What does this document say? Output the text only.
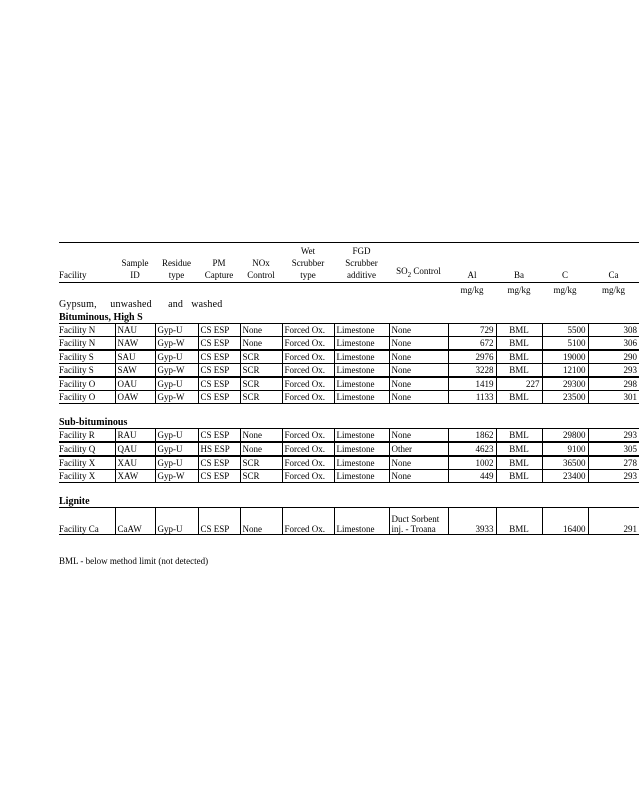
Facility	Sample ID	Residue type	PM Capture	NOx Control	Wet Scrubber type	FGD Scrubber additive	$SO_2$ Control	Al	Ba	C	Ca
								mg/kg	mg/kg	mg/kg	mg/kg
Gypsum,     unwashed      and   washed											
Bituminous, High S											
Facility N	NAU	Gyp-U	CS ESP	None	Forced Ox.	Limestone	None	729	BML	5500	308
Facility N	NAW	Gyp-W	CS ESP	None	Forced Ox.	Limestone	None	672	BML	5100	306
Facility S	SAU	Gyp-U	CS ESP	SCR	Forced Ox.	Limestone	None	2976	BML	19000	290
Facility S	SAW	Gyp-W	CS ESP	SCR	Forced Ox.	Limestone	None	3228	BML	12100	293
Facility O	OAU	Gyp-U	CS ESP	SCR	Forced Ox.	Limestone	None	1419	227	29300	298
Facility O	OAW	Gyp-W	CS ESP	SCR	Forced Ox.	Limestone	None	1133	BML	23500	301
Sub-bituminous											
Facility R	RAU	Gyp-U	CS ESP	None	Forced Ox.	Limestone	None	1862	BML	29800	293
Facility Q	QAU	Gyp-U	HS ESP	None	Forced Ox.	Limestone	Other	4623	BML	9100	305
Facility X	XAU	Gyp-U	CS ESP	SCR	Forced Ox.	Limestone	None	1002	BML	36500	278
Facility X	XAW	Gyp-W	CS ESP	SCR	Forced Ox.	Limestone	None	449	BML	23400	293
Lignite											
Facility Ca	CaAW	Gyp-U	CS ESP	None	Forced Ox.	Limestone	Duct Sorbent inj. - Troana	3933	BML	16400	291
BML - below method limit (not detected)
